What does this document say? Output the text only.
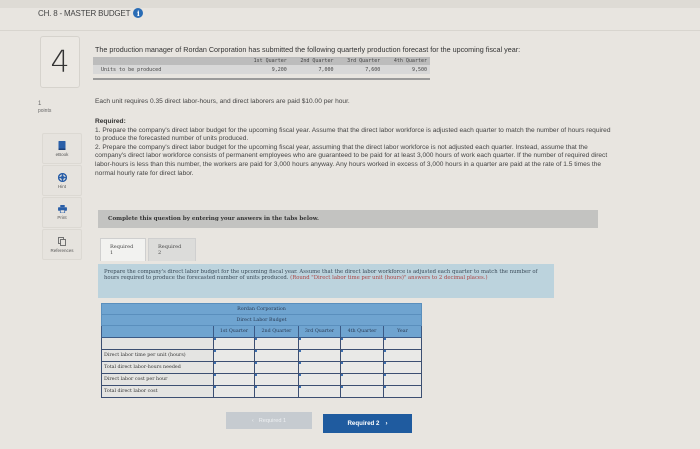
CH. 8 - MASTER BUDGET i
4
1
points
eBook
Hint
Print
References
The production manager of Rordan Corporation has submitted the following quarterly production forecast for the upcoming fiscal year:
	1st Quarter	2nd Quarter	3rd Quarter	4th Quarter
Units to be produced	9,200	7,000	7,600	9,500
Each unit requires 0.35 direct labor-hours, and direct laborers are paid $10.00 per hour.
Required:
1. Prepare the company's direct labor budget for the upcoming fiscal year. Assume that the direct labor workforce is adjusted each quarter to match the number of hours required to produce the forecasted number of units produced.
2. Prepare the company's direct labor budget for the upcoming fiscal year, assuming that the direct labor workforce is not adjusted each quarter. Instead, assume that the company's direct labor workforce consists of permanent employees who are guaranteed to be paid for at least 3,000 hours of work each quarter. If the number of required direct labor-hours is less than this number, the workers are paid for 3,000 hours anyway. Any hours worked in excess of 3,000 hours in a quarter are paid at the rate of 1.5 times the normal hourly rate for direct labor.
Complete this question by entering your answers in the tabs below.
Required 1
Required 2
Prepare the company's direct labor budget for the upcoming fiscal year. Assume that the direct labor workforce is adjusted each quarter to match the number of hours required to produce the forecasted number of units produced. (Round "Direct labor time per unit (hours)" answers to 2 decimal places.)
Rordan Corporation					
Direct Labor Budget					
	1st Quarter	2nd Quarter	3rd Quarter	4th Quarter	Year

Direct labor time per unit (hours)					
Total direct labor-hours needed					
Direct labor cost per hour					
Total direct labor cost					
‹ Required 1	Required 2 ›
